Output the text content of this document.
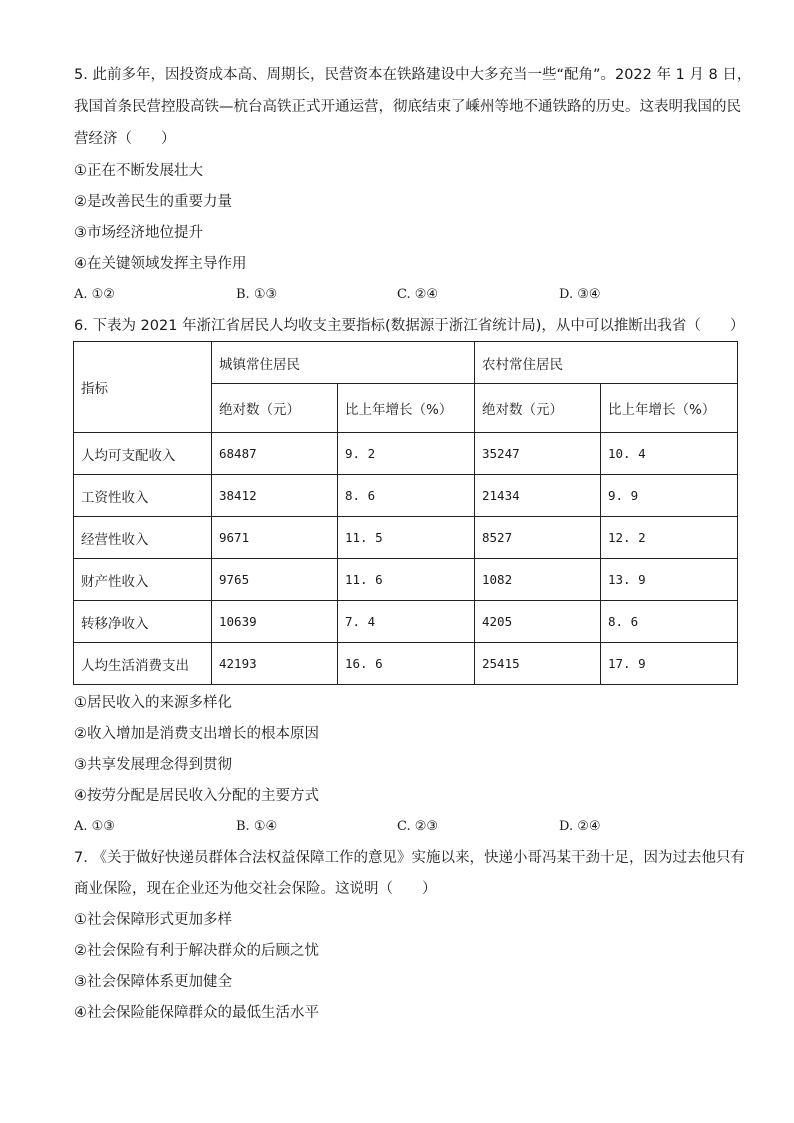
5. 此前多年，因投资成本高、周期长，民营资本在铁路建设中大多充当一些“配角”。2022 年 1 月 8 日，
我国首条民营控股高铁—杭台高铁正式开通运营，彻底结束了嵊州等地不通铁路的历史。这表明我国的民
营经济（　　）
①正在不断发展壮大
②是改善民生的重要力量
③市场经济地位提升
④在关键领域发挥主导作用
A. ①②	B. ①③	C. ②④	D. ③④
6. 下表为 2021 年浙江省居民人均收支主要指标(数据源于浙江省统计局)，从中可以推断出我省（　　）
指标	城镇常住居民		农村常住居民	
	绝对数（元）	比上年增长（%）	绝对数（元）	比上年增长（%）
人均可支配收入	68487	9. 2	35247	10. 4
工资性收入	38412	8. 6	21434	9. 9
经营性收入	9671	11. 5	8527	12. 2
财产性收入	9765	11. 6	1082	13. 9
转移净收入	10639	7. 4	4205	8. 6
人均生活消费支出	42193	16. 6	25415	17. 9
①居民收入的来源多样化
②收入增加是消费支出增长的根本原因
③共享发展理念得到贯彻
④按劳分配是居民收入分配的主要方式
A. ①③	B. ①④	C. ②③	D. ②④
7. 《关于做好快递员群体合法权益保障工作的意见》实施以来，快递小哥冯某干劲十足，因为过去他只有
商业保险，现在企业还为他交社会保险。这说明（　　）
①社会保障形式更加多样
②社会保险有利于解决群众的后顾之忧
③社会保障体系更加健全
④社会保险能保障群众的最低生活水平
